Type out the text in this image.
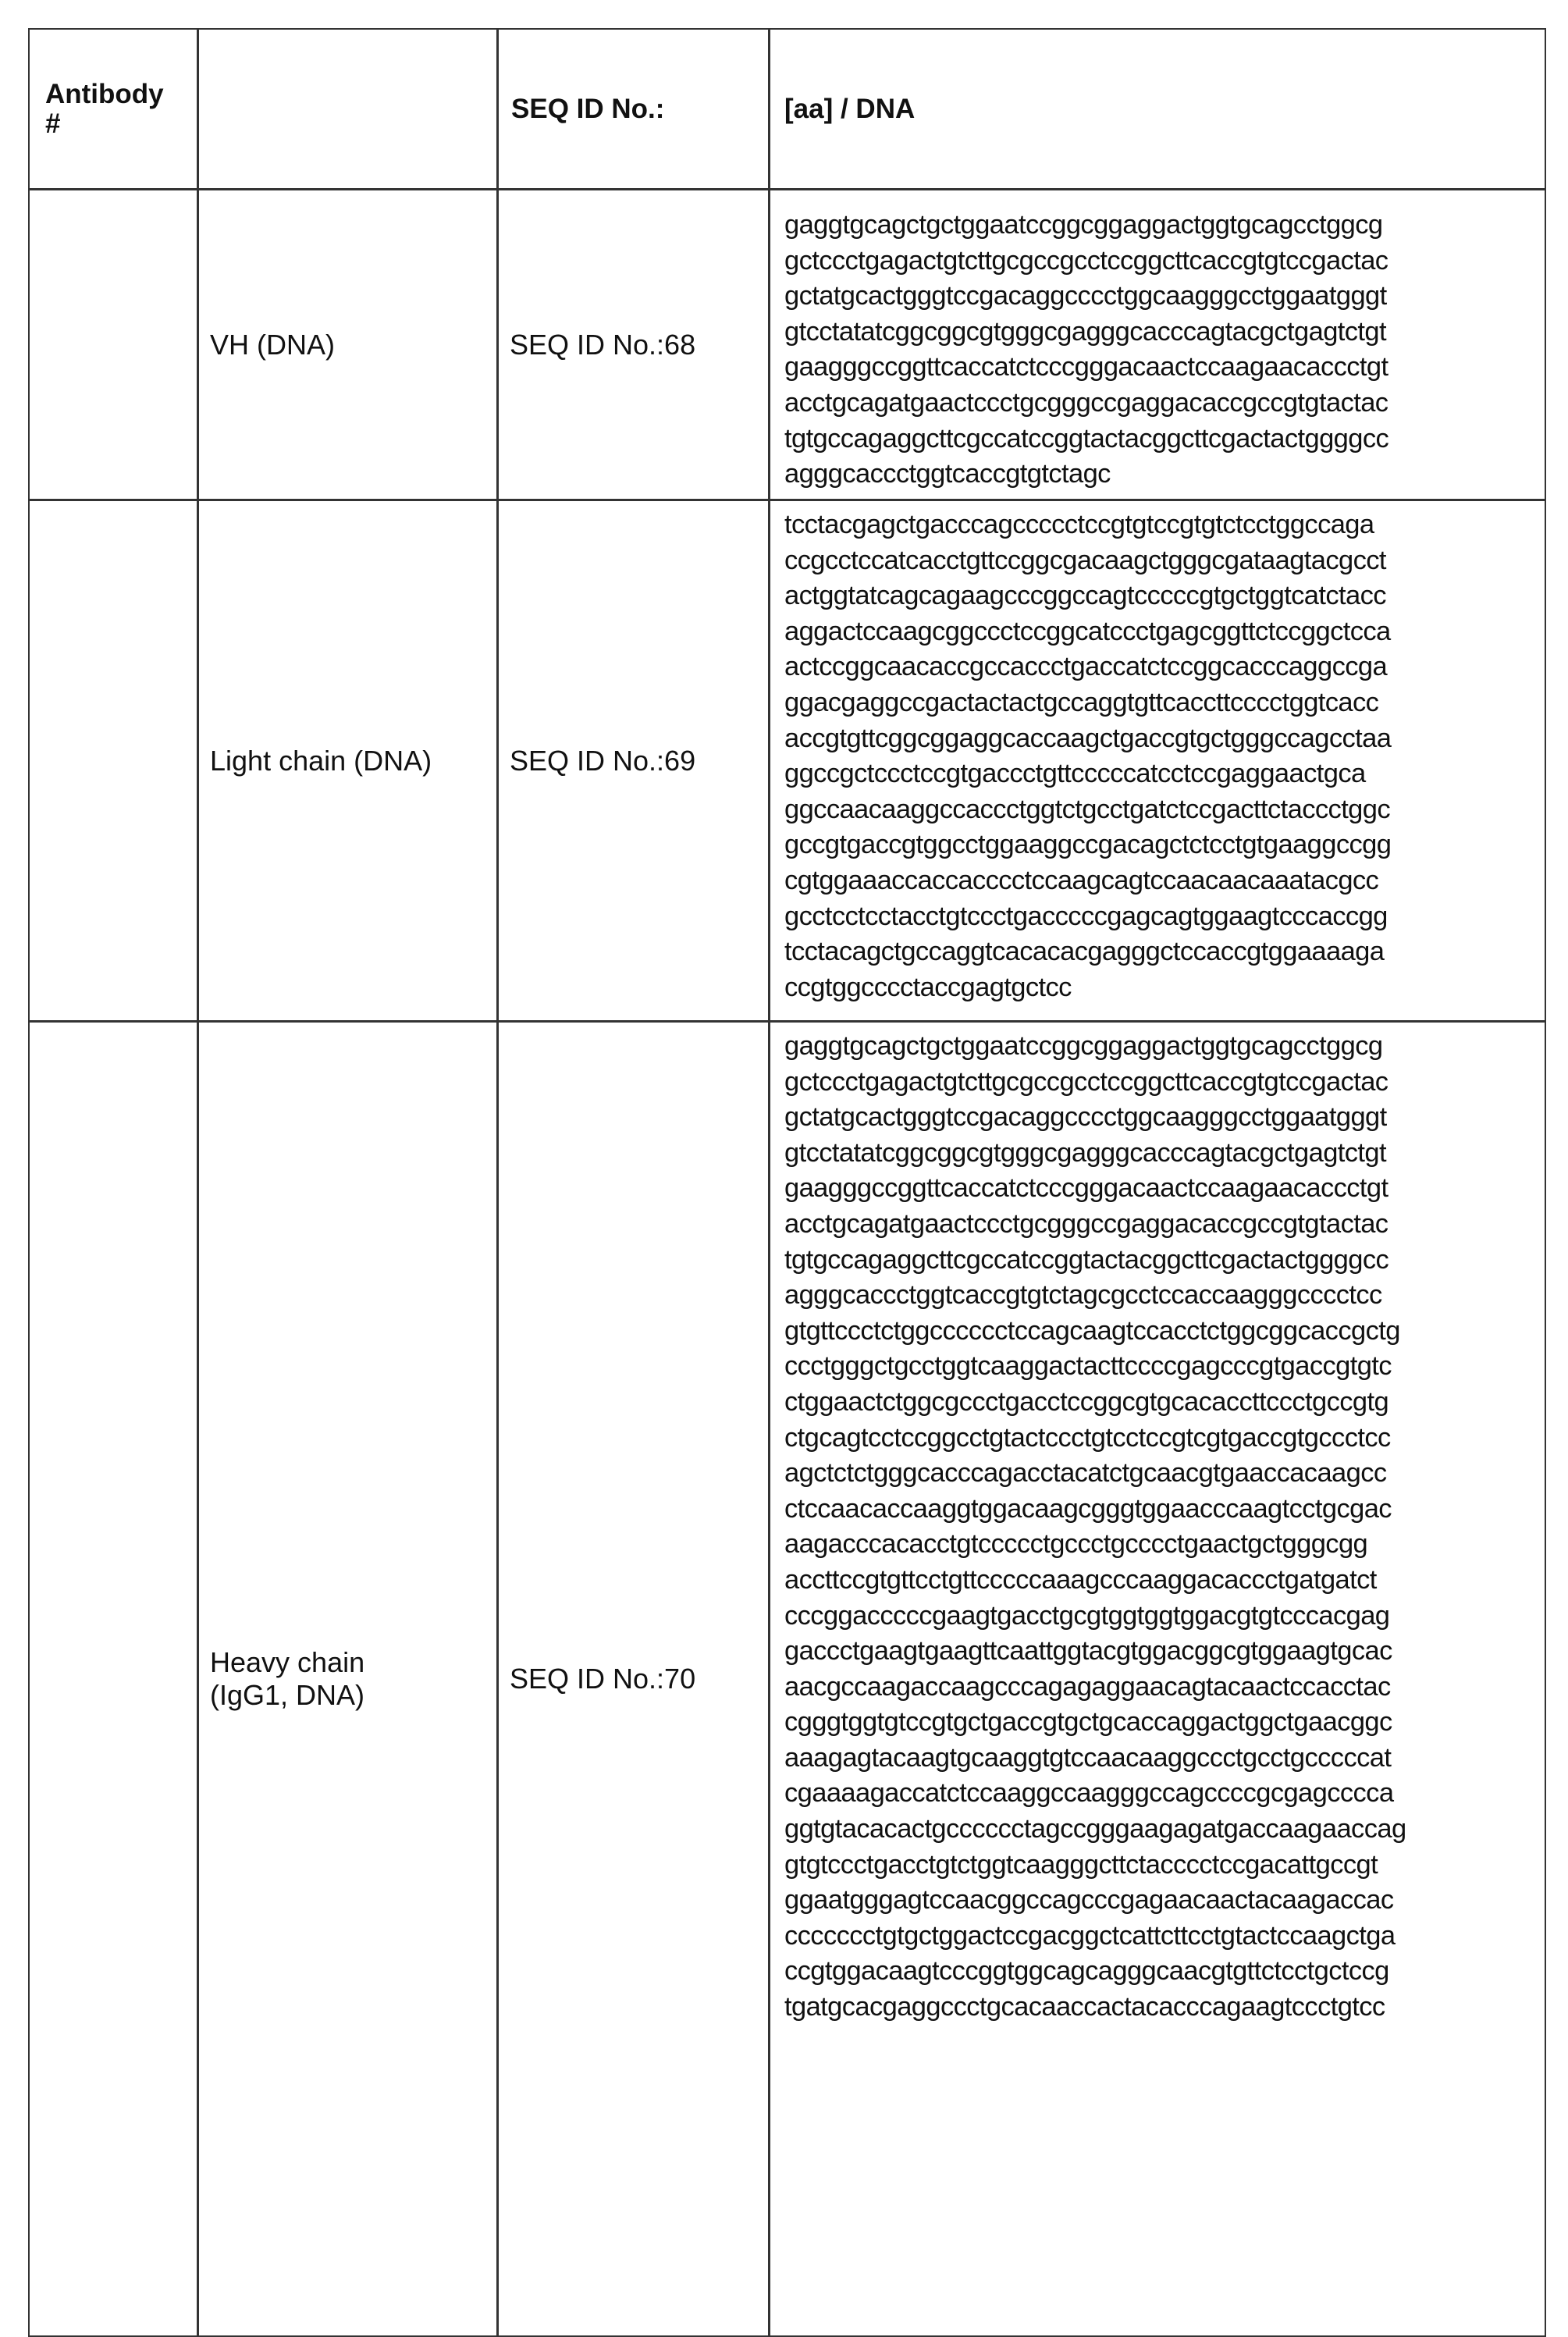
Antibody #	SEQ ID No.:	[aa] / DNA
VH (DNA)	SEQ ID No.:68
gaggtgcagctgctggaatccggcggaggactggtgcagcctggcg
gctccctgagactgtcttgcgccgcctccggcttcaccgtgtccgactac
gctatgcactgggtccgacaggcccctggcaagggcctggaatgggt
gtcctatatcggcggcgtgggcgagggcacccagtacgctgagtctgt
gaagggccggttcaccatctcccgggacaactccaagaacaccctgt
acctgcagatgaactccctgcgggccgaggacaccgccgtgtactac
tgtgccagaggcttcgccatccggtactacggcttcgactactggggcc
agggcaccctggtcaccgtgtctagc
Light chain (DNA)	SEQ ID No.:69
tcctacgagctgacccagccccctccgtgtccgtgtctcctggccaga
ccgcctccatcacctgttccggcgacaagctgggcgataagtacgcct
actggtatcagcagaagcccggccagtcccccgtgctggtcatctacc
aggactccaagcggccctccggcatccctgagcggttctccggctcca
actccggcaacaccgccaccctgaccatctccggcacccaggccga
ggacgaggccgactactactgccaggtgttcaccttcccctggtcacc
accgtgttcggcggaggcaccaagctgaccgtgctgggccagcctaa
ggccgctccctccgtgaccctgttcccccatcctccgaggaactgca
ggccaacaaggccaccctggtctgcctgatctccgacttctaccctggc
gccgtgaccgtggcctggaaggccgacagctctcctgtgaaggccgg
cgtggaaaccaccacccctccaagcagtccaacaacaaatacgcc
gcctcctcctacctgtccctgacccccgagcagtggaagtcccaccgg
tcctacagctgccaggtcacacacgagggctccaccgtggaaaaga
ccgtggcccctaccgagtgctcc
Heavy chain (IgG1, DNA)
SEQ ID No.:70
gaggtgcagctgctggaatccggcggaggactggtgcagcctggcg
gctccctgagactgtcttgcgccgcctccggcttcaccgtgtccgactac
gctatgcactgggtccgacaggcccctggcaagggcctggaatgggt
gtcctatatcggcggcgtgggcgagggcacccagtacgctgagtctgt
gaagggccggttcaccatctcccgggacaactccaagaacaccctgt
acctgcagatgaactccctgcgggccgaggacaccgccgtgtactac
tgtgccagaggcttcgccatccggtactacggcttcgactactggggcc
agggcaccctggtcaccgtgtctagcgcctccaccaagggcccctcc
gtgttccctctggcccccctccagcaagtccacctctggcggcaccgctg
ccctgggctgcctggtcaaggactacttccccgagcccgtgaccgtgtc
ctggaactctggcgccctgacctccggcgtgcacaccttccctgccgtg
ctgcagtcctccggcctgtactccctgtcctccgtcgtgaccgtgccctcc
agctctctgggcacccagacctacatctgcaacgtgaaccacaagcc
ctccaacaccaaggtggacaagcgggtggaacccaagtcctgcgac
aagacccacacctgtccccctgccctgcccctgaactgctgggcgg
accttccgtgttcctgttcccccaaagcccaaggacaccctgatgatct
cccggacccccgaagtgacctgcgtggtggtggacgtgtcccacgag
gaccctgaagtgaagttcaattggtacgtggacggcgtggaagtgcac
aacgccaagaccaagcccagagaggaacagtacaactccacctac
cgggtggtgtccgtgctgaccgtgctgcaccaggactggctgaacggc
aaagagtacaagtgcaaggtgtccaacaaggccctgcctgcccccat
cgaaaagaccatctccaaggccaagggccagccccgcgagcccca
ggtgtacacactgcccccctagccgggaagagatgaccaagaaccag
gtgtccctgacctgtctggtcaagggcttctacccctccgacattgccgt
ggaatgggagtccaacggccagcccgagaacaactacaagaccac
ccccccctgtgctggactccgacggctcattcttcctgtactccaagctga
ccgtggacaagtcccggtggcagcagggcaacgtgttctcctgctccg
tgatgcacgaggccctgcacaaccactacacccagaagtccctgtcc
